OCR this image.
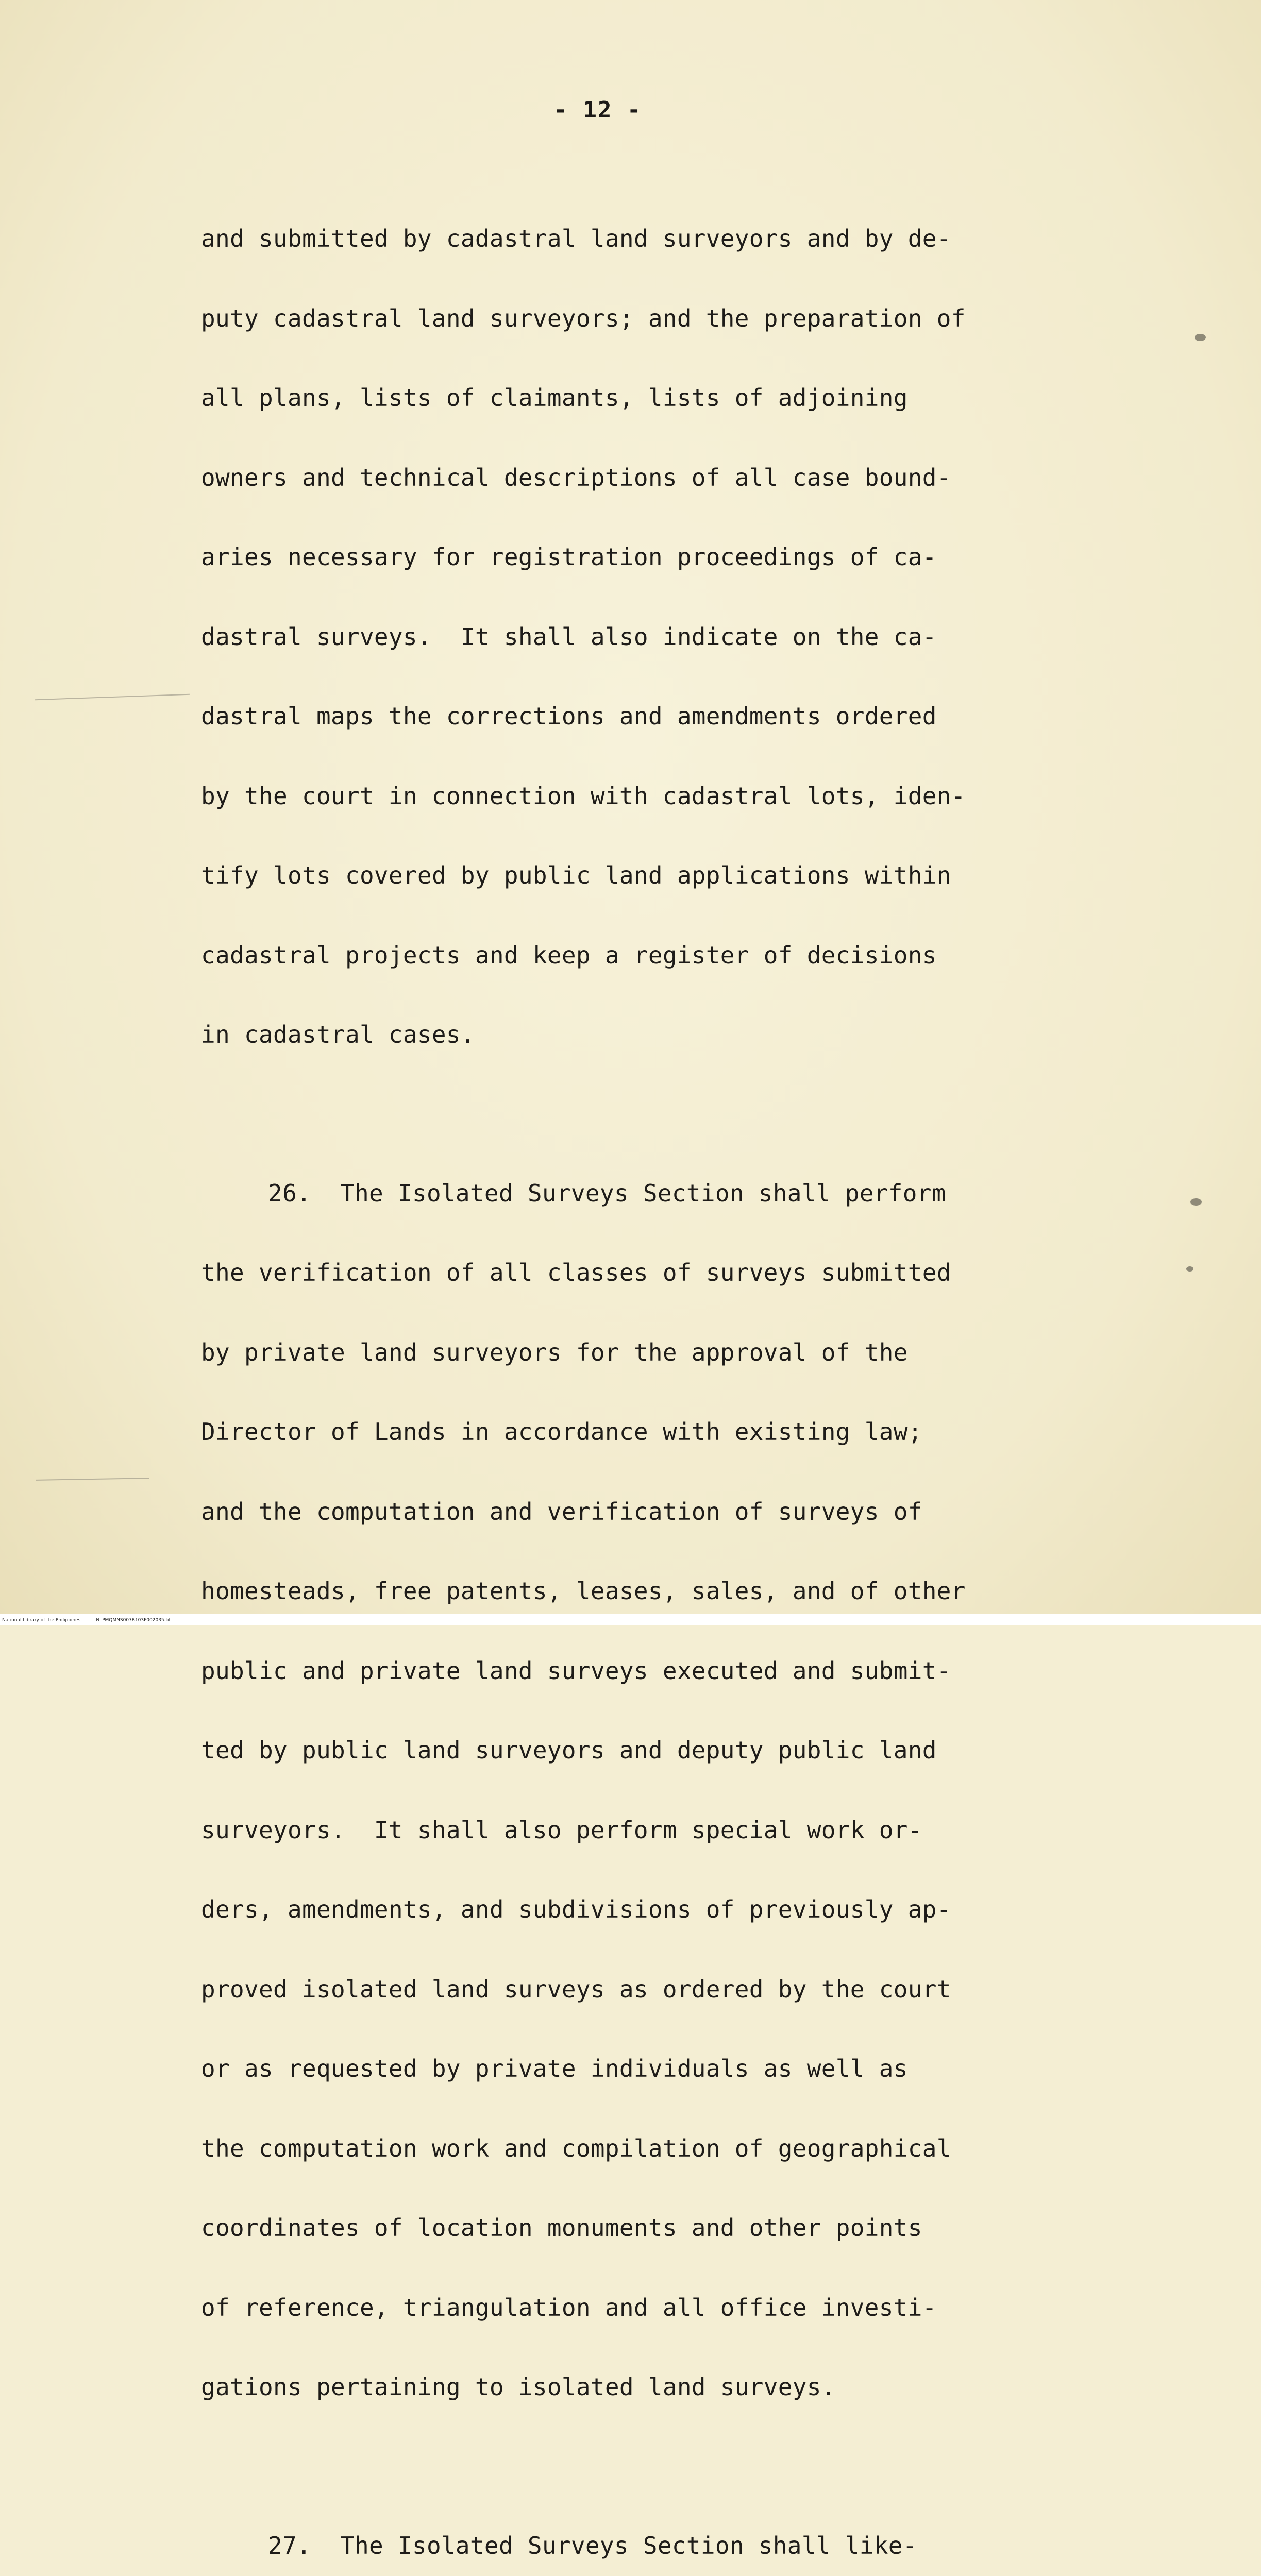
- 12 -

and submitted by cadastral land surveyors and by de-

puty cadastral land surveyors; and the preparation of

all plans, lists of claimants, lists of adjoining

owners and technical descriptions of all case bound-

aries necessary for registration proceedings of ca-

dastral surveys.  It shall also indicate on the ca-

dastral maps the corrections and amendments ordered

by the court in connection with cadastral lots, iden-

tify lots covered by public land applications within

cadastral projects and keep a register of decisions

in cadastral cases.

26.  The Isolated Surveys Section shall perform

the verification of all classes of surveys submitted

by private land surveyors for the approval of the

Director of Lands in accordance with existing law;

and the computation and verification of surveys of

homesteads, free patents, leases, sales, and of other

public and private land surveys executed and submit-

ted by public land surveyors and deputy public land

surveyors.  It shall also perform special work or-

ders, amendments, and subdivisions of previously ap-

proved isolated land surveys as ordered by the court

or as requested by private individuals as well as

the computation work and compilation of geographical

coordinates of location monuments and other points

of reference, triangulation and all office investi-

gations pertaining to isolated land surveys.

27.  The Isolated Surveys Section shall like-

National Library of the Philippines	NLPMQMNS007B103F002035.tif
